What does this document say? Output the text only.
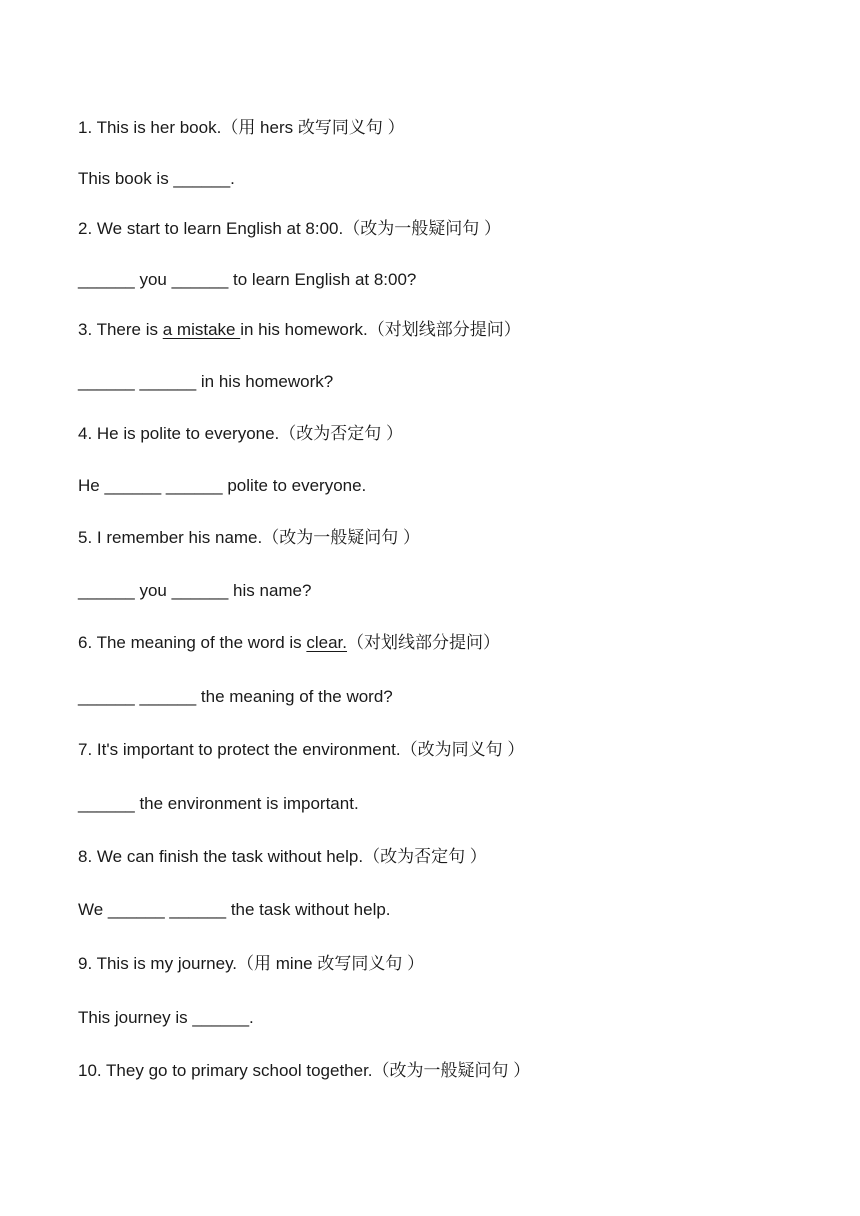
1. This is her book.（用 hers 改写同义句 ）
This book is ______.
2. We start to learn English at 8:00.（改为一般疑问句 ）
______ you ______ to learn English at 8:00?
3. There is a mistake in his homework.（对划线部分提问）
______ ______ in his homework?
4. He is polite to everyone.（改为否定句 ）
He ______ ______ polite to everyone.
5. I remember his name.（改为一般疑问句 ）
______ you ______ his name?
6. The meaning of the word is clear.（对划线部分提问）
______ ______ the meaning of the word?
7. It's important to protect the environment.（改为同义句 ）
______ the environment is important.
8. We can finish the task without help.（改为否定句 ）
We ______ ______ the task without help.
9. This is my journey.（用 mine 改写同义句 ）
This journey is ______.
10. They go to primary school together.（改为一般疑问句 ）
